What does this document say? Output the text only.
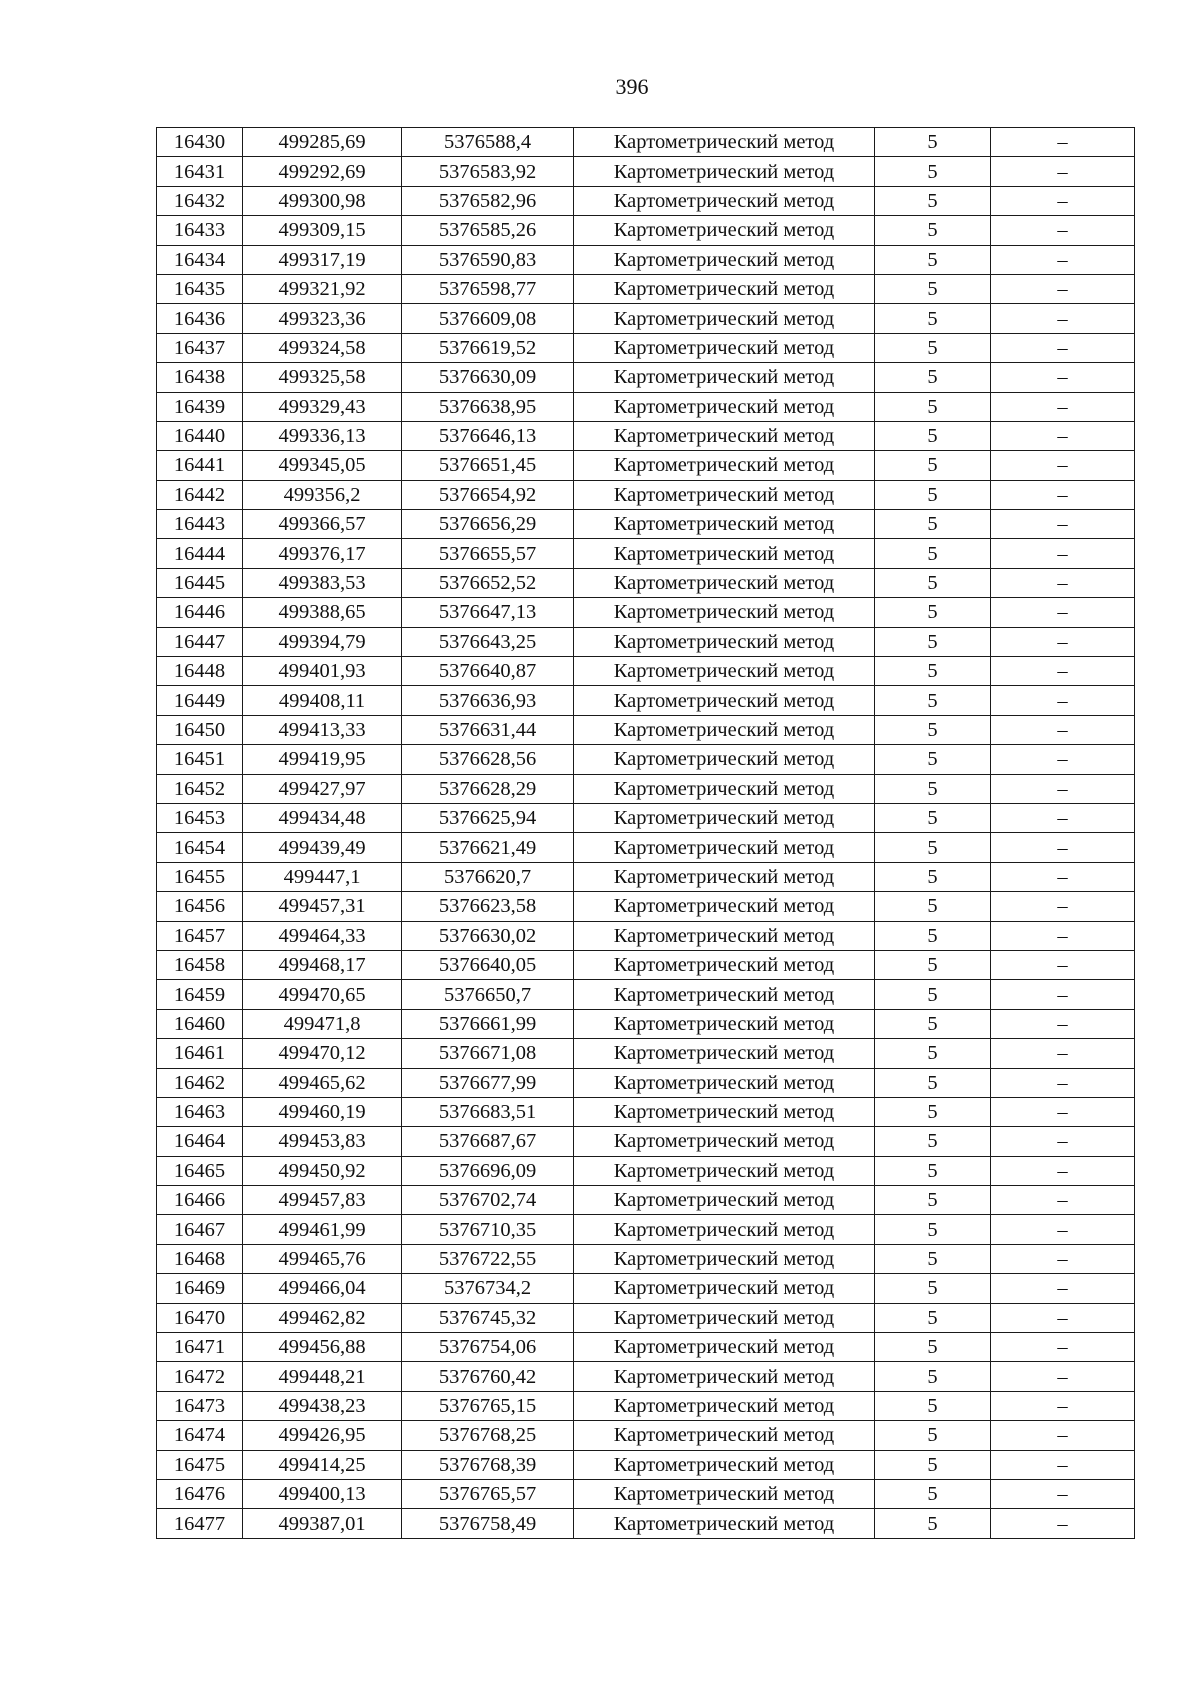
396
16430	499285,69	5376588,4	Картометрический метод	5	–
16431	499292,69	5376583,92	Картометрический метод	5	–
16432	499300,98	5376582,96	Картометрический метод	5	–
16433	499309,15	5376585,26	Картометрический метод	5	–
16434	499317,19	5376590,83	Картометрический метод	5	–
16435	499321,92	5376598,77	Картометрический метод	5	–
16436	499323,36	5376609,08	Картометрический метод	5	–
16437	499324,58	5376619,52	Картометрический метод	5	–
16438	499325,58	5376630,09	Картометрический метод	5	–
16439	499329,43	5376638,95	Картометрический метод	5	–
16440	499336,13	5376646,13	Картометрический метод	5	–
16441	499345,05	5376651,45	Картометрический метод	5	–
16442	499356,2	5376654,92	Картометрический метод	5	–
16443	499366,57	5376656,29	Картометрический метод	5	–
16444	499376,17	5376655,57	Картометрический метод	5	–
16445	499383,53	5376652,52	Картометрический метод	5	–
16446	499388,65	5376647,13	Картометрический метод	5	–
16447	499394,79	5376643,25	Картометрический метод	5	–
16448	499401,93	5376640,87	Картометрический метод	5	–
16449	499408,11	5376636,93	Картометрический метод	5	–
16450	499413,33	5376631,44	Картометрический метод	5	–
16451	499419,95	5376628,56	Картометрический метод	5	–
16452	499427,97	5376628,29	Картометрический метод	5	–
16453	499434,48	5376625,94	Картометрический метод	5	–
16454	499439,49	5376621,49	Картометрический метод	5	–
16455	499447,1	5376620,7	Картометрический метод	5	–
16456	499457,31	5376623,58	Картометрический метод	5	–
16457	499464,33	5376630,02	Картометрический метод	5	–
16458	499468,17	5376640,05	Картометрический метод	5	–
16459	499470,65	5376650,7	Картометрический метод	5	–
16460	499471,8	5376661,99	Картометрический метод	5	–
16461	499470,12	5376671,08	Картометрический метод	5	–
16462	499465,62	5376677,99	Картометрический метод	5	–
16463	499460,19	5376683,51	Картометрический метод	5	–
16464	499453,83	5376687,67	Картометрический метод	5	–
16465	499450,92	5376696,09	Картометрический метод	5	–
16466	499457,83	5376702,74	Картометрический метод	5	–
16467	499461,99	5376710,35	Картометрический метод	5	–
16468	499465,76	5376722,55	Картометрический метод	5	–
16469	499466,04	5376734,2	Картометрический метод	5	–
16470	499462,82	5376745,32	Картометрический метод	5	–
16471	499456,88	5376754,06	Картометрический метод	5	–
16472	499448,21	5376760,42	Картометрический метод	5	–
16473	499438,23	5376765,15	Картометрический метод	5	–
16474	499426,95	5376768,25	Картометрический метод	5	–
16475	499414,25	5376768,39	Картометрический метод	5	–
16476	499400,13	5376765,57	Картометрический метод	5	–
16477	499387,01	5376758,49	Картометрический метод	5	–
